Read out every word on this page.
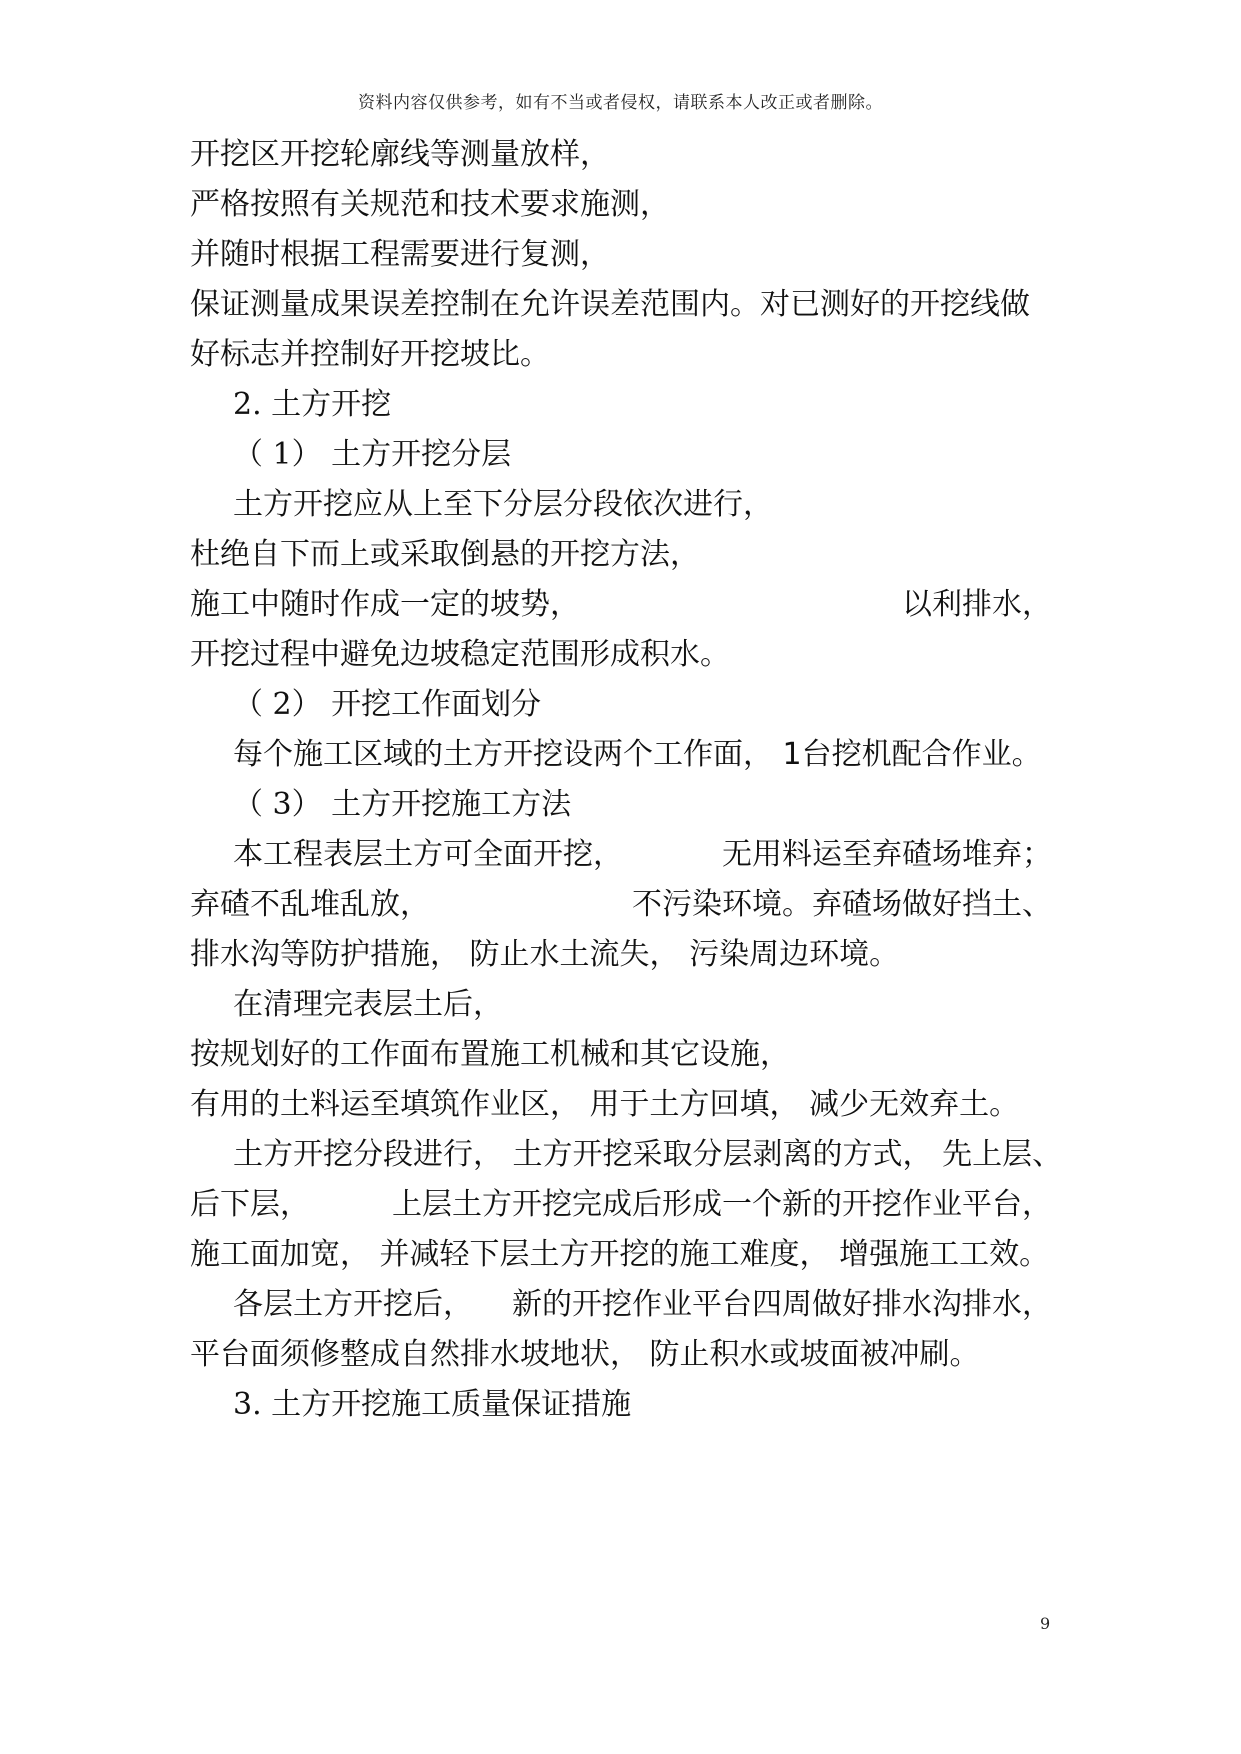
资料内容仅供参考，如有不当或者侵权，请联系本人改正或者删除。
开挖区开挖轮廓线等测量放样，
严格按照有关规范和技术要求施测，
并随时根据工程需要进行复测，
保证测量成果误差控制在允许误差范围内。对已测好的开挖线做
好标志并控制好开挖坡比。
2. 土方开挖
（ 1） 土方开挖分层
土方开挖应从上至下分层分段依次进行，
杜绝自下而上或采取倒悬的开挖方法，
施工中随时作成一定的坡势，	以利排水，
开挖过程中避免边坡稳定范围形成积水。
（ 2） 开挖工作面划分
每个施工区域的土方开挖设两个工作面， 1台挖机配合作业。
（ 3） 土方开挖施工方法
本工程表层土方可全面开挖，	无用料运至弃碴场堆弃；
弃碴不乱堆乱放，	不污染环境。弃碴场做好挡土、
排水沟等防护措施， 防止水土流失， 污染周边环境。
在清理完表层土后，
按规划好的工作面布置施工机械和其它设施，
有用的土料运至填筑作业区， 用于土方回填， 减少无效弃土。
土方开挖分段进行， 土方开挖采取分层剥离的方式， 先上层、
后下层，	上层土方开挖完成后形成一个新的开挖作业平台，
施工面加宽， 并减轻下层土方开挖的施工难度， 增强施工工效。
各层土方开挖后， 新的开挖作业平台四周做好排水沟排水，
平台面须修整成自然排水坡地状， 防止积水或坡面被冲刷。
3. 土方开挖施工质量保证措施
9
